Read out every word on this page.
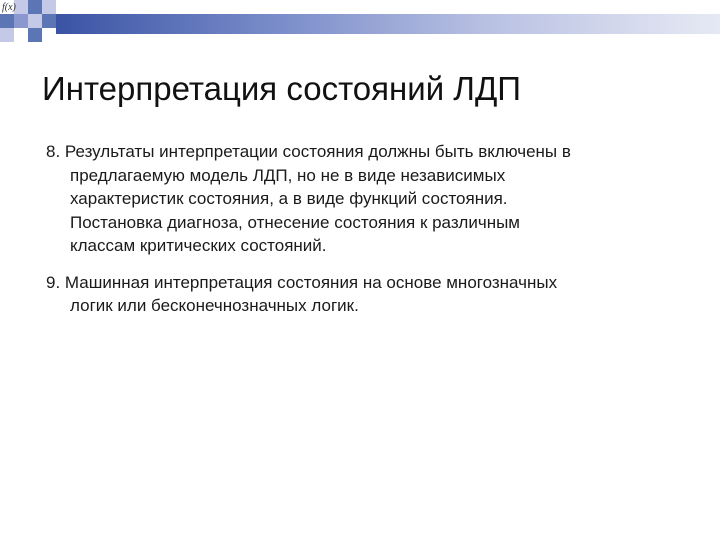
f(x)
Интерпретация состояний ЛДП
8. Результаты интерпретации состояния должны быть включены в
предлагаемую модель ЛДП, но не в виде независимых
характеристик состояния, а в виде функций состояния.
Постановка диагноза, отнесение состояния к различным
классам критических состояний.
9. Машинная интерпретация состояния на основе многозначных
логик или бесконечнозначных логик.
